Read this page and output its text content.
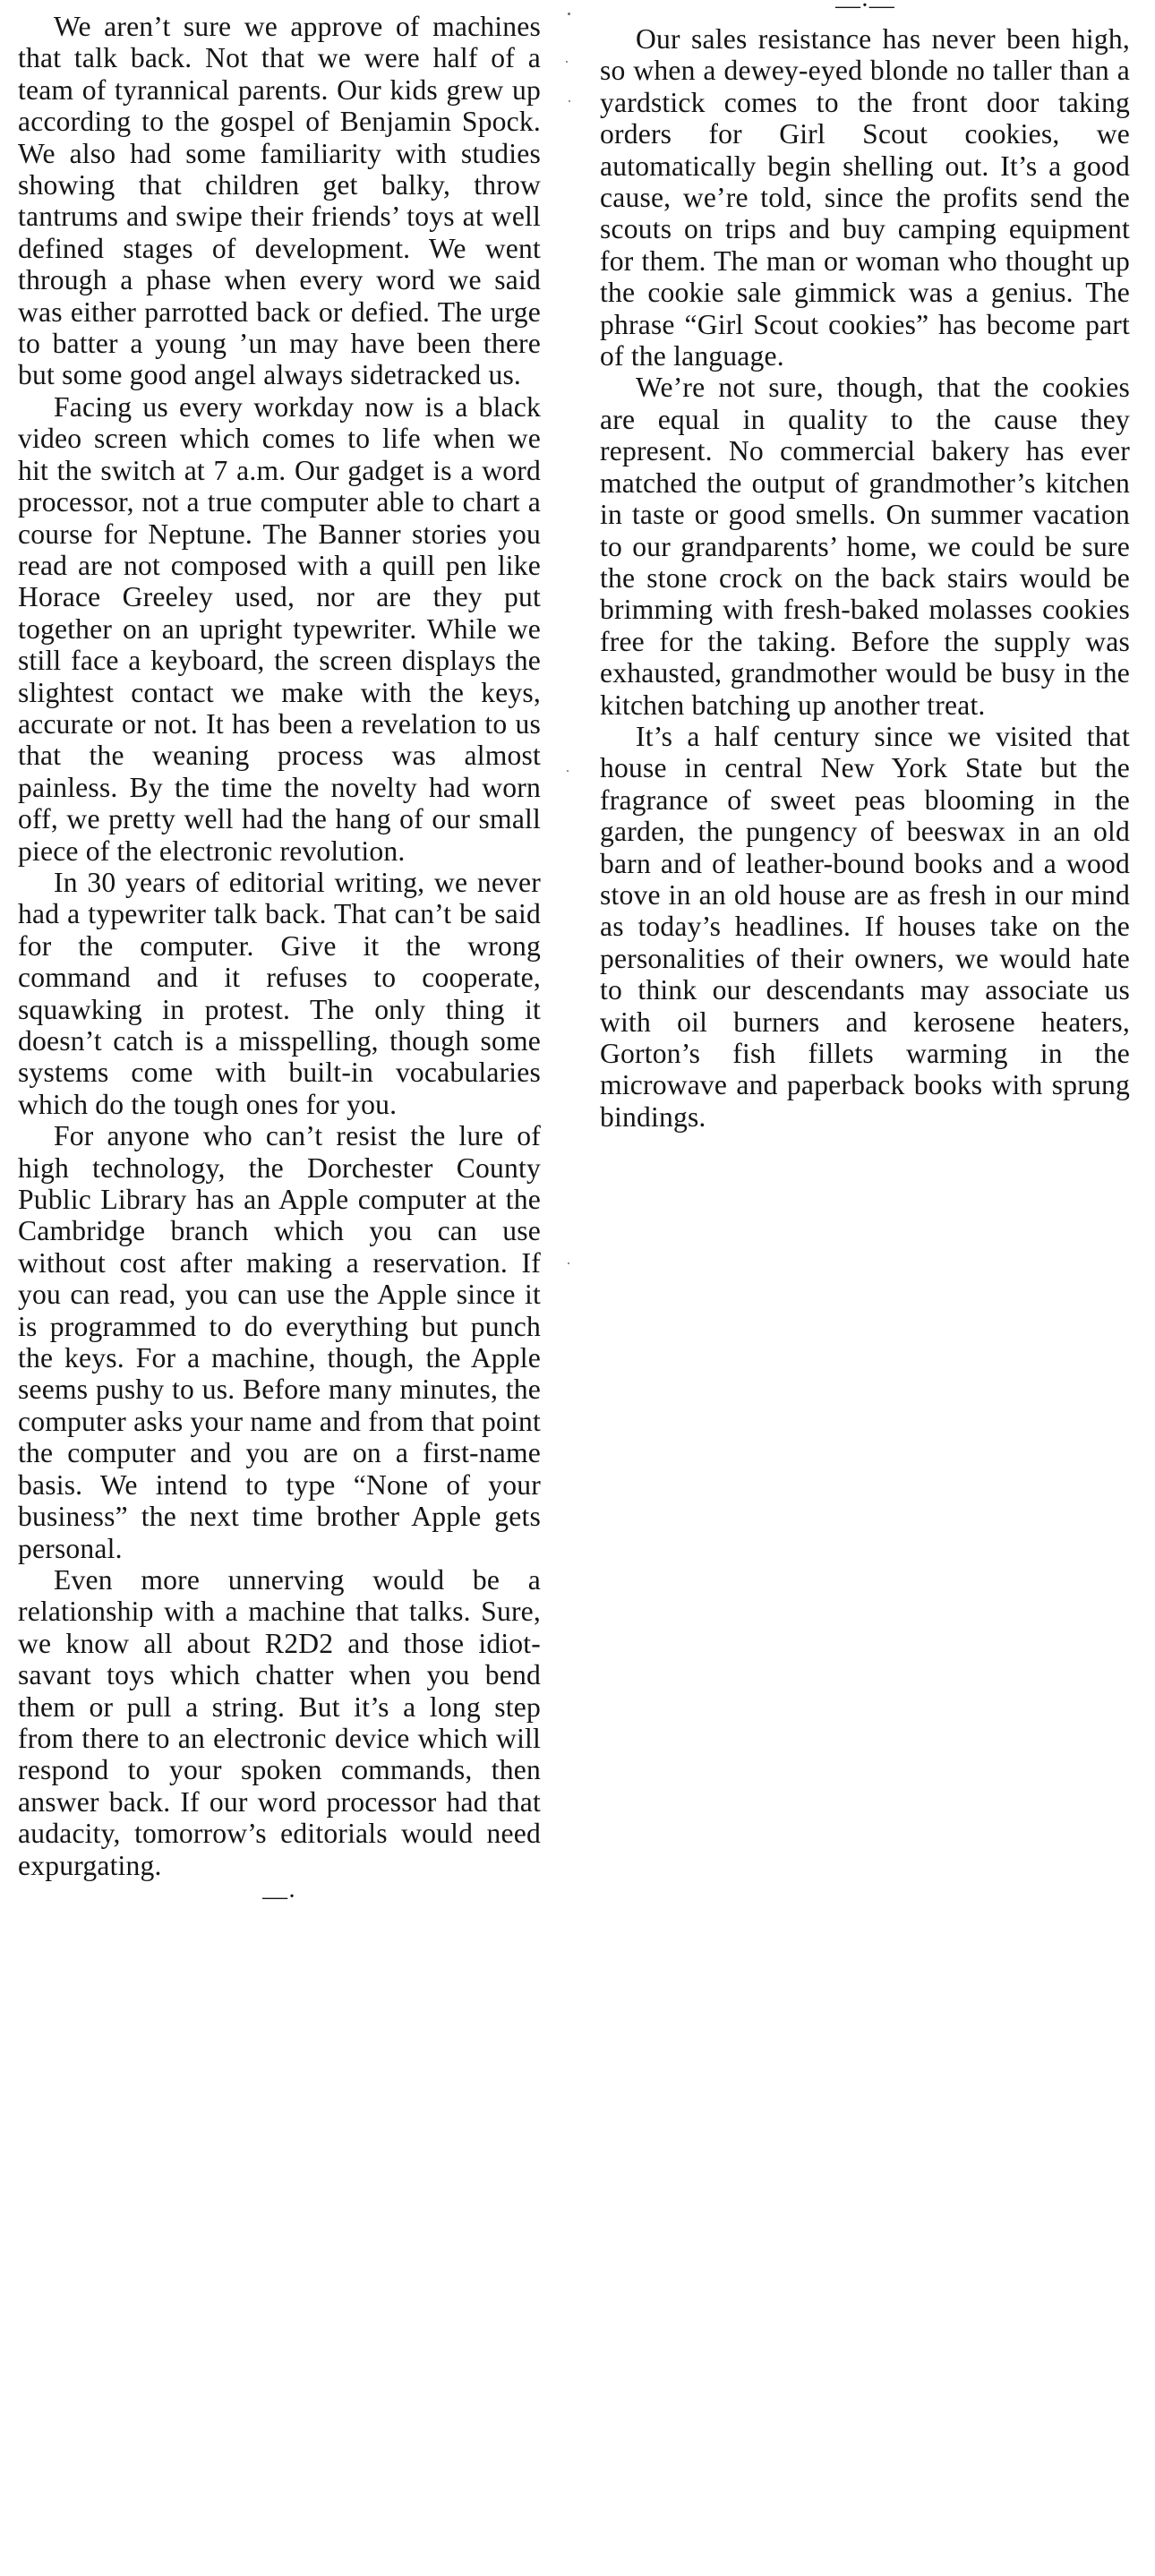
We aren’t sure we approve of machines that talk back. Not that we were half of a team of tyrannical parents. Our kids grew up according to the gospel of Benjamin Spock. We also had some familiarity with studies showing that children get balky, throw tantrums and swipe their friends’ toys at well defined stages of development. We went through a phase when every word we said was either parrotted back or defied. The urge to batter a young ’un may have been there but some good angel always sidetracked us.

Facing us every workday now is a black video screen which comes to life when we hit the switch at 7 a.m. Our gadget is a word processor, not a true computer able to chart a course for Neptune. The Banner stories you read are not composed with a quill pen like Horace Greeley used, nor are they put together on an upright typewriter. While we still face a keyboard, the screen displays the slightest contact we make with the keys, accurate or not. It has been a revelation to us that the weaning process was almost painless. By the time the novelty had worn off, we pretty well had the hang of our small piece of the electronic revolution.

In 30 years of editorial writing, we never had a typewriter talk back. That can’t be said for the computer. Give it the wrong command and it refuses to cooperate, squawking in protest. The only thing it doesn’t catch is a misspelling, though some systems come with built-in vocabularies which do the tough ones for you.

For anyone who can’t resist the lure of high technology, the Dorchester County Public Library has an Apple computer at the Cambridge branch which you can use without cost after making a reservation. If you can read, you can use the Apple since it is programmed to do everything but punch the keys. For a machine, though, the Apple seems pushy to us. Before many minutes, the computer asks your name and from that point the computer and you are on a first-name basis. We intend to type “None of your business” the next time brother Apple gets personal.

Even more unnerving would be a relationship with a machine that talks. Sure, we know all about R2D2 and those idiot-savant toys which chatter when you bend them or pull a string. But it’s a long step from there to an electronic device which will respond to your spoken commands, then answer back. If our word processor had that audacity, tomorrow’s editorials would need expurgating.

—·
—·—

Our sales resistance has never been high, so when a dewey-eyed blonde no taller than a yardstick comes to the front door taking orders for Girl Scout cookies, we automatically begin shelling out. It’s a good cause, we’re told, since the profits send the scouts on trips and buy camping equipment for them. The man or woman who thought up the cookie sale gimmick was a genius. The phrase “Girl Scout cookies” has become part of the language.

We’re not sure, though, that the cookies are equal in quality to the cause they represent. No commercial bakery has ever matched the output of grandmother’s kitchen in taste or good smells. On summer vacation to our grandparents’ home, we could be sure the stone crock on the back stairs would be brimming with fresh-baked molasses cookies free for the taking. Before the supply was exhausted, grandmother would be busy in the kitchen batching up another treat.

It’s a half century since we visited that house in central New York State but the fragrance of sweet peas blooming in the garden, the pungency of beeswax in an old barn and of leather-bound books and a wood stove in an old house are as fresh in our mind as today’s headlines. If houses take on the personalities of their owners, we would hate to think our descendants may associate us with oil burners and kerosene heaters, Gorton’s fish fillets warming in the microwave and paperback books with sprung bindings.
